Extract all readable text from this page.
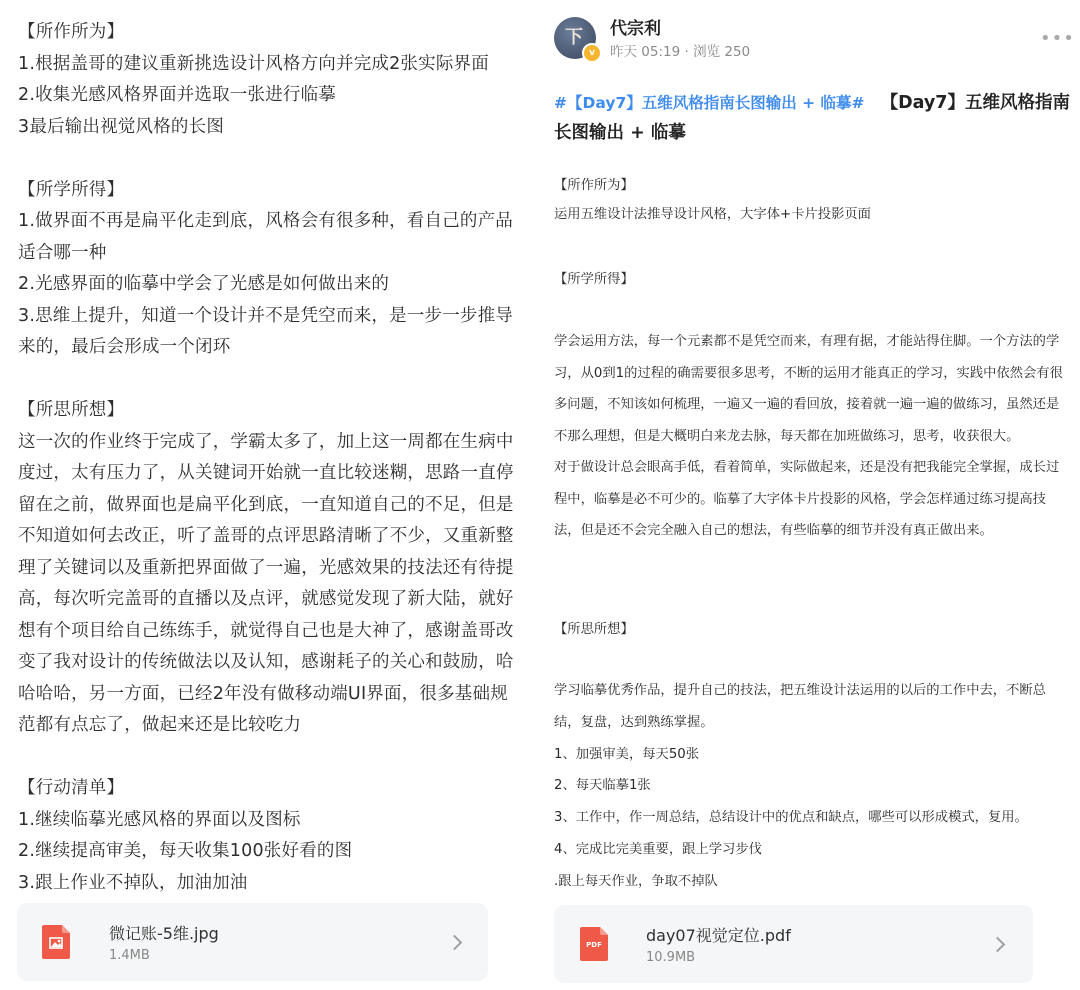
【所作所为】
1.根据盖哥的建议重新挑选设计风格方向并完成2张实际界面
2.收集光感风格界面并选取一张进行临摹
3最后输出视觉风格的长图

【所学所得】
1.做界面不再是扁平化走到底，风格会有很多种，看自己的产品适合哪一种
2.光感界面的临摹中学会了光感是如何做出来的
3.思维上提升，知道一个设计并不是凭空而来，是一步一步推导来的，最后会形成一个闭环

【所思所想】
这一次的作业终于完成了，学霸太多了，加上这一周都在生病中度过，太有压力了，从关键词开始就一直比较迷糊，思路一直停留在之前，做界面也是扁平化到底，一直知道自己的不足，但是不知道如何去改正，听了盖哥的点评思路清晰了不少，又重新整理了关键词以及重新把界面做了一遍，光感效果的技法还有待提高，每次听完盖哥的直播以及点评，就感觉发现了新大陆，就好想有个项目给自己练练手，就觉得自己也是大神了，感谢盖哥改变了我对设计的传统做法以及认知，感谢耗子的关心和鼓励，哈哈哈哈，另一方面，已经2年没有做移动端UI界面，很多基础规范都有点忘了，做起来还是比较吃力

【行动清单】
1.继续临摹光感风格的界面以及图标
2.继续提高审美，每天收集100张好看的图
3.跟上作业不掉队，加油加油
微记账-5维.jpg
1.4MB
下
v
代宗利
昨天 05:19 · 浏览 250
•••
#【Day7】五维风格指南长图输出 + 临摹# 【Day7】五维风格指南长图输出 + 临摹
【所作所为】
运用五维设计法推导设计风格，大字体+卡片投影页面
【所学所得】
学会运用方法，每一个元素都不是凭空而来，有理有据，才能站得住脚。一个方法的学习，从0到1的过程的确需要很多思考，不断的运用才能真正的学习，实践中依然会有很多问题，不知该如何梳理，一遍又一遍的看回放，接着就一遍一遍的做练习，虽然还是不那么理想，但是大概明白来龙去脉，每天都在加班做练习，思考，收获很大。
对于做设计总会眼高手低，看着简单，实际做起来，还是没有把我能完全掌握，成长过程中，临摹是必不可少的。临摹了大字体卡片投影的风格，学会怎样通过练习提高技法，但是还不会完全融入自己的想法，有些临摹的细节并没有真正做出来。
【所思所想】
学习临摹优秀作品，提升自己的技法，把五维设计法运用的以后的工作中去，不断总结，复盘，达到熟练掌握。
1、加强审美，每天50张
2、每天临摹1张
3、工作中，作一周总结，总结设计中的优点和缺点，哪些可以形成模式，复用。
4、完成比完美重要，跟上学习步伐
.跟上每天作业，争取不掉队
PDF	day07视觉定位.pdf
10.9MB
